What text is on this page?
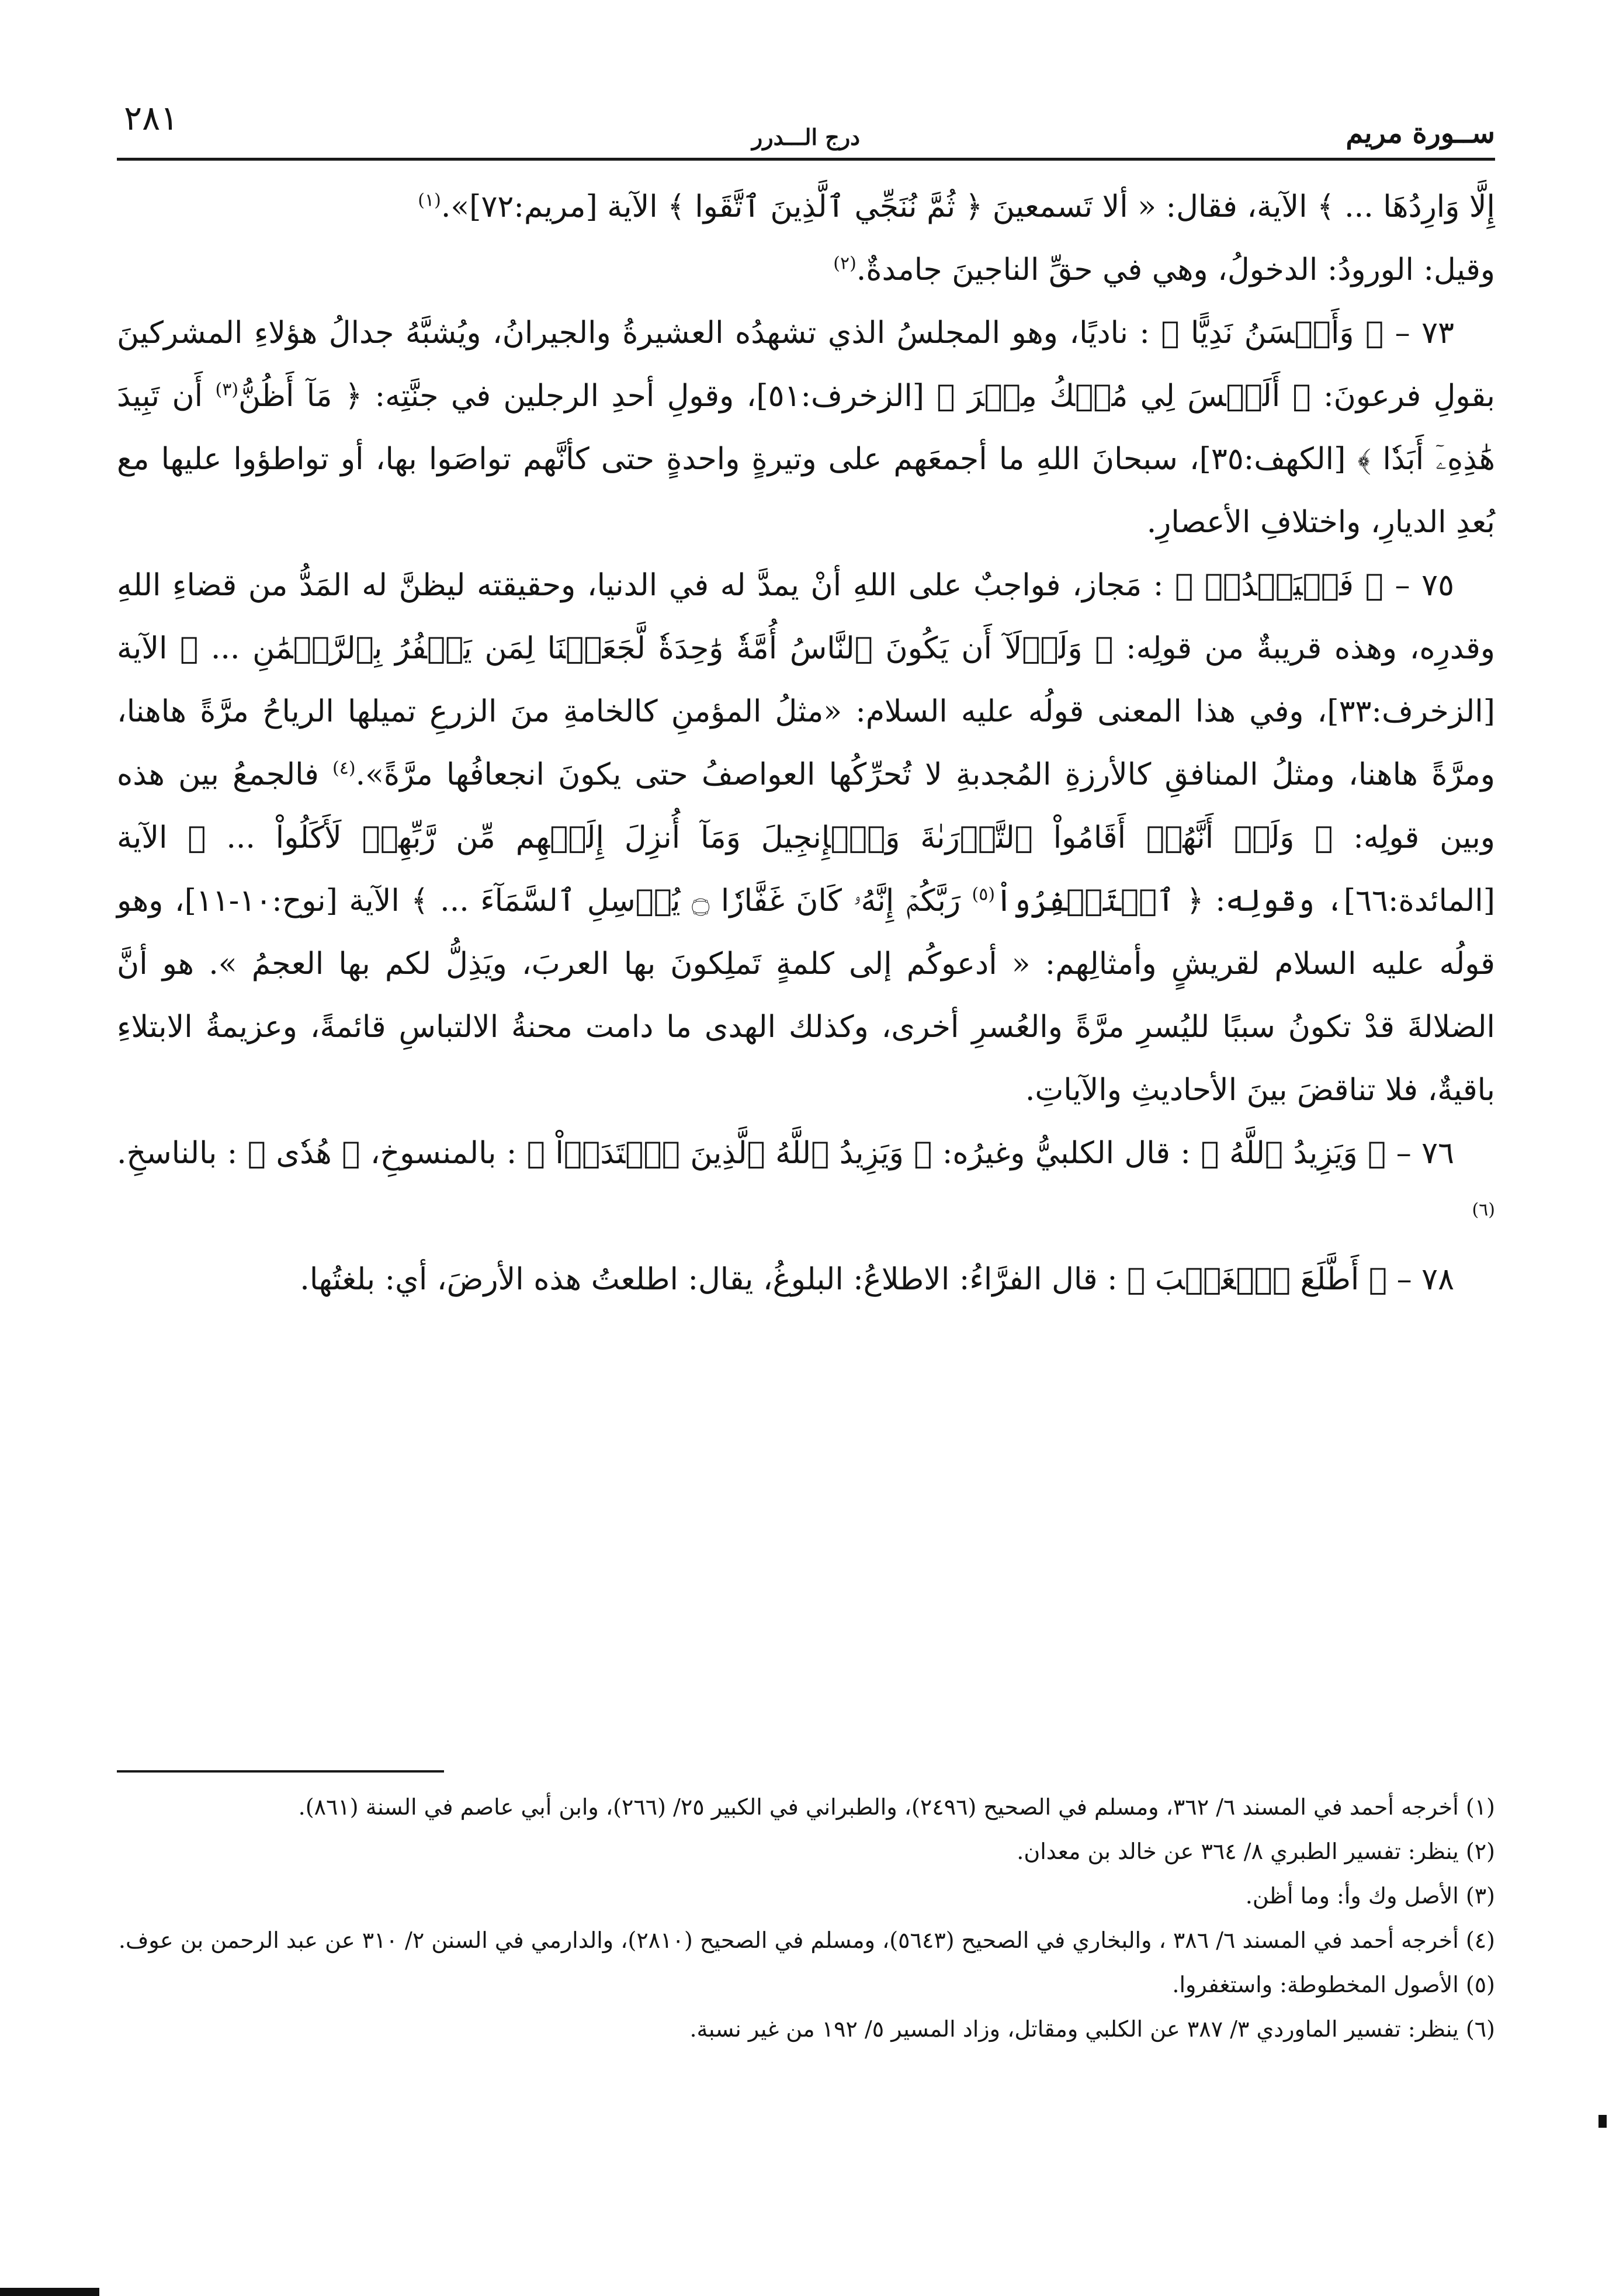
ســورة مريم
درج الـــدرر
٢٨١

إِلَّا وَارِدُهَا ... ﴾ الآية، فقال: « ألا تَسمعينَ ﴿ ثُمَّ نُنَجِّي ٱلَّذِينَ ٱتَّقَوا ﴾ الآية [مريم:٧٢]».$^{(١)}$

وقيل: الورودُ: الدخولُ، وهي في حقِّ الناجينَ جامدةٌ.$^{(٢)}$

٧٣ – ﴿ وَأَحۡسَنُ نَدِيًّا ﴾ : ناديًا، وهو المجلسُ الذي تشهدُه العشيرةُ والجيرانُ، ويُشبَّهُ جدالُ هؤلاءِ المشركينَ بقولِ فرعونَ: ﴿ أَلَيۡسَ لِي مُلۡكُ مِصۡرَ ﴾ [الزخرف:٥١]، وقولِ أحدِ الرجلين في جنَّتِه: ﴿ مَآ أَظُنُّ$^{(٣)}$ أَن تَبِيدَ هَٰذِهِۦٓ أَبَدٗا ﴾ [الكهف:٣٥]، سبحانَ اللهِ ما أجمعَهم على وتيرةٍ واحدةٍ حتى كأنَّهم تواصَوا بها، أو تواطؤوا عليها مع بُعدِ الديارِ، واختلافِ الأعصارِ.

٧٥ – ﴿ فَلۡيَمۡدُدۡ ﴾ : مَجاز، فواجبٌ على اللهِ أنْ يمدَّ له في الدنيا، وحقيقته ليظنَّ له المَدُّ من قضاءِ اللهِ وقدرِه، وهذه قريبةٌ من قولِه: ﴿ وَلَوۡلَآ أَن يَكُونَ ٱلنَّاسُ أُمَّةٗ وَٰحِدَةٗ لَّجَعَلۡنَا لِمَن يَكۡفُرُ بِٱلرَّحۡمَٰنِ ... ﴾ الآية [الزخرف:٣٣]، وفي هذا المعنى قولُه عليه السلام: «مثلُ المؤمنِ كالخامةِ منَ الزرعِ تميلها الرياحُ مرَّةً هاهنا، ومرَّةً هاهنا، ومثلُ المنافقِ كالأرزةِ المُجدبةِ لا تُحرِّكُها العواصفُ حتى يكونَ انجعافُها مرَّةً».$^{(٤)}$ فالجمعُ بين هذه وبين قولِه: ﴿ وَلَوۡ أَنَّهُمۡ أَقَامُواْ ٱلتَّوۡرَىٰةَ وَٱلۡإِنجِيلَ وَمَآ أُنزِلَ إِلَيۡهِم مِّن رَّبِّهِمۡ لَأَكَلُواْ ... ﴾ الآية [المائدة:٦٦]، وقولِه: ﴿ ٱسۡتَغۡفِرُواْ$^{(٥)}$ رَبَّكُمۡ إِنَّهُۥ كَانَ غَفَّارٗا ۝ يُرۡسِلِ ٱلسَّمَآءَ ... ﴾ الآية [نوح:١٠-١١]، وهو قولُه عليه السلام لقريشٍ وأمثالِهم: « أدعوكُم إلى كلمةٍ تَملِكونَ بها العربَ، ويَذِلُّ لكم بها العجمُ ». هو أنَّ الضلالةَ قدْ تكونُ سببًا لليُسرِ مرَّةً والعُسرِ أخرى، وكذلك الهدى ما دامت محنةُ الالتباسِ قائمةً، وعزيمةُ الابتلاءِ باقيةٌ، فلا تناقضَ بينَ الأحاديثِ والآياتِ.

٧٦ – ﴿ وَيَزِيدُ ٱللَّهُ ﴾ : قال الكلبيُّ وغيرُه: ﴿ وَيَزِيدُ ٱللَّهُ ٱلَّذِينَ ٱهۡتَدَوۡاْ ﴾ : بالمنسوخِ، ﴿ هُدٗى ﴾ : بالناسخِ.$^{(٦)}$

٧٨ – ﴿ أَطَّلَعَ ٱلۡغَيۡبَ ﴾ : قال الفرَّاءُ: الاطلاعُ: البلوغُ، يقال: اطلعتُ هذه الأرضَ، أي: بلغتُها.

(١) أخرجه أحمد في المسند ٦/ ٣٦٢، ومسلم في الصحيح (٢٤٩٦)، والطبراني في الكبير ٢٥/ (٢٦٦)، وابن أبي عاصم في السنة (٨٦١).

(٢) ينظر: تفسير الطبري ٨/ ٣٦٤ عن خالد بن معدان.

(٣) الأصل وك وأ: وما أظن.

(٤) أخرجه أحمد في المسند ٦/ ٣٨٦ ، والبخاري في الصحيح (٥٦٤٣)، ومسلم في الصحيح (٢٨١٠)، والدارمي في السنن ٢/ ٣١٠ عن عبد الرحمن بن عوف.

(٥) الأصول المخطوطة: واستغفروا.

(٦) ينظر: تفسير الماوردي ٣/ ٣٨٧ عن الكلبي ومقاتل، وزاد المسير ٥/ ١٩٢ من غير نسبة.
